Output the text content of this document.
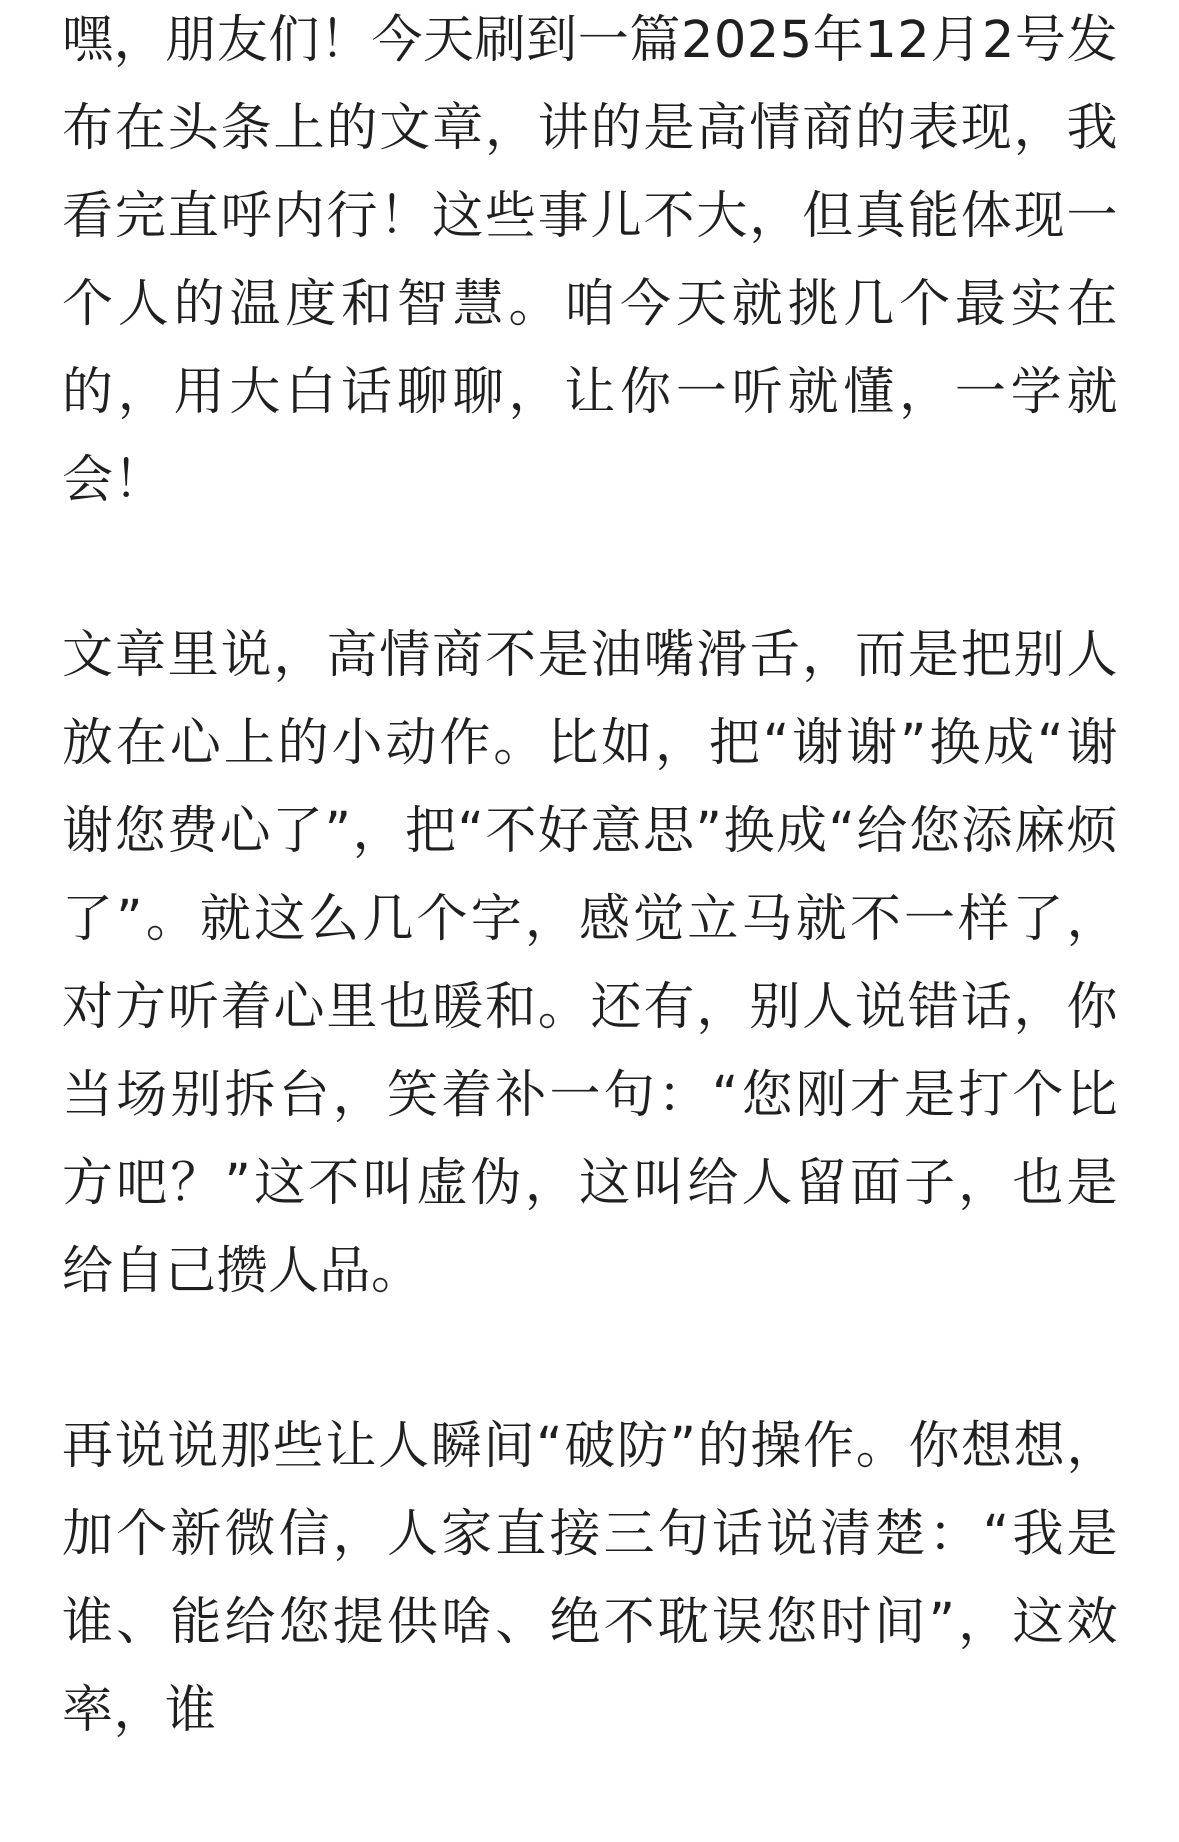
嘿，朋友们！今天刷到一篇2025年12月2号发布在头条上的文章，讲的是高情商的表现，我看完直呼内行！这些事儿不大，但真能体现一个人的温度和智慧。咱今天就挑几个最实在的，用大白话聊聊，让你一听就懂，一学就会！

文章里说，高情商不是油嘴滑舌，而是把别人放在心上的小动作。比如，把“谢谢”换成“谢谢您费心了”，把“不好意思”换成“给您添麻烦了”。就这么几个字，感觉立马就不一样了，对方听着心里也暖和。还有，别人说错话，你当场别拆台，笑着补一句：“您刚才是打个比方吧？”这不叫虚伪，这叫给人留面子，也是给自己攒人品。

再说说那些让人瞬间“破防”的操作。你想想，加个新微信，人家直接三句话说清楚：“我是谁、能给您提供啥、绝不耽误您时间”，这效率，谁
